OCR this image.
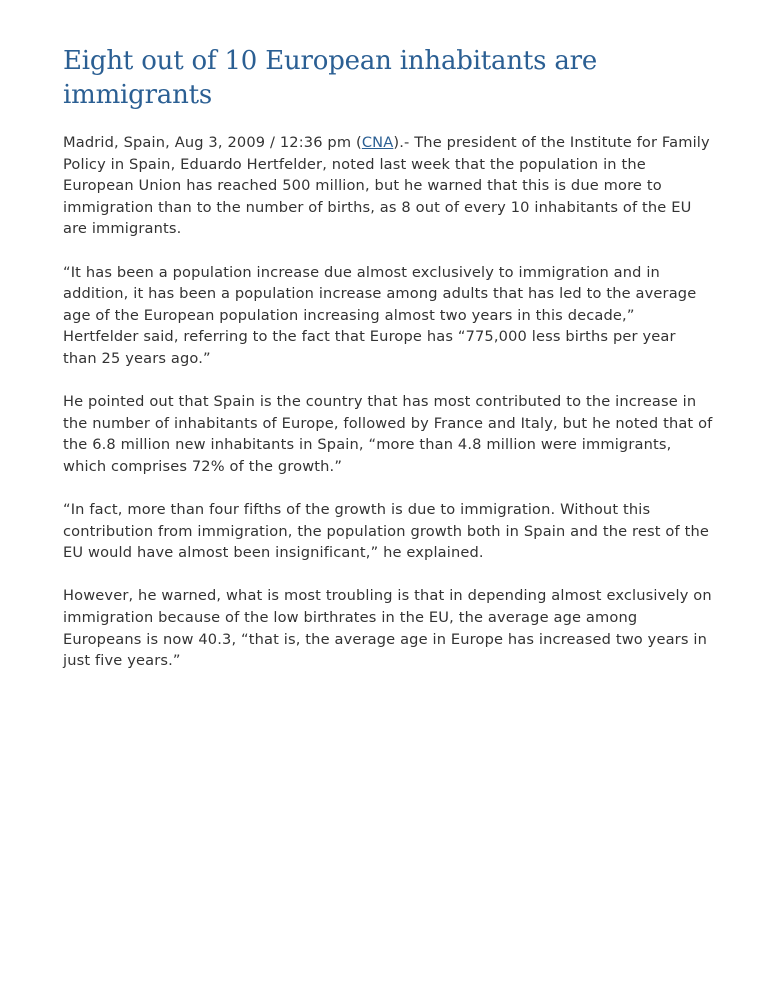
Eight out of 10 European inhabitants are immigrants

Madrid, Spain, Aug 3, 2009 / 12:36 pm (CNA).- The president of the Institute for Family Policy in Spain, Eduardo Hertfelder, noted last week that the population in the European Union has reached 500 million, but he warned that this is due more to immigration than to the number of births, as 8 out of every 10 inhabitants of the EU are immigrants.

“It has been a population increase due almost exclusively to immigration and in addition, it has been a population increase among adults that has led to the average age of the European population increasing almost two years in this decade,” Hertfelder said, referring to the fact that Europe has “775,000 less births per year than 25 years ago.”

He pointed out that Spain is the country that has most contributed to the increase in the number of inhabitants of Europe, followed by France and Italy, but he noted that of the 6.8 million new inhabitants in Spain, “more than 4.8 million were immigrants, which comprises 72% of the growth.”

“In fact, more than four fifths of the growth is due to immigration. Without this contribution from immigration, the population growth both in Spain and the rest of the EU would have almost been insignificant,” he explained.

However, he warned, what is most troubling is that in depending almost exclusively on immigration because of the low birthrates in the EU, the average age among Europeans is now 40.3, “that is, the average age in Europe has increased two years in just five years.”
